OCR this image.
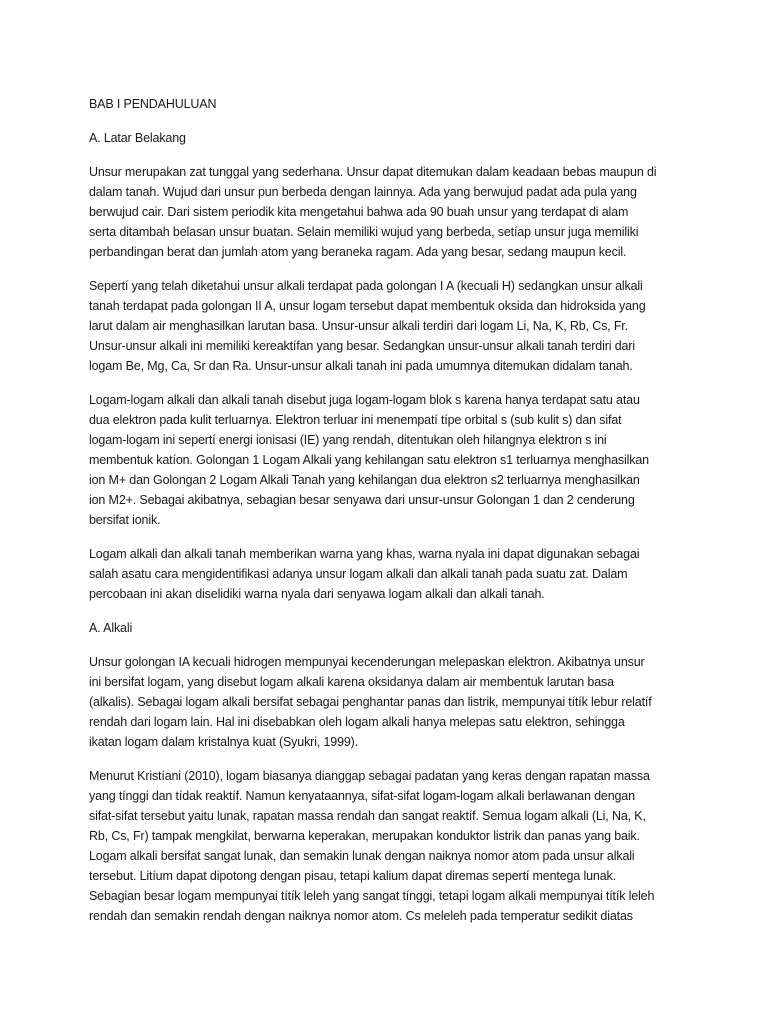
BAB I PENDAHULUAN

A. Latar Belakang

Unsur merupakan zat tunggal yang sederhana. Unsur dapat ditemukan dalam keadaan bebas maupun di
dalam tanah. Wujud dari unsur pun berbeda dengan lainnya. Ada yang berwujud padat ada pula yang
berwujud cair. Dari sistem periodik kita mengetahui bahwa ada 90 buah unsur yang terdapat di alam
serta ditambah belasan unsur buatan. Selain memiliki wujud yang berbeda, setíap unsur juga memiliki
perbandingan berat dan jumlah atom yang beraneka ragam. Ada yang besar, sedang maupun kecil.

Sepertí yang telah diketahui unsur alkali terdapat pada golongan I A (kecuali H) sedangkan unsur alkali
tanah terdapat pada golongan II A, unsur logam tersebut dapat membentuk oksida dan hidroksida yang
larut dalam air menghasilkan larutan basa. Unsur-unsur alkali terdiri dari logam Li, Na, K, Rb, Cs, Fr.
Unsur-unsur alkali ini memiliki kereaktífan yang besar. Sedangkan unsur-unsur alkali tanah terdiri dari
logam Be, Mg, Ca, Sr dan Ra. Unsur-unsur alkali tanah ini pada umumnya ditemukan didalam tanah.

Logam-logam alkali dan alkali tanah disebut juga logam-logam blok s karena hanya terdapat satu atau
dua elektron pada kulit terluarnya. Elektron terluar ini menempatí típe orbital s (sub kulit s) dan sifat
logam-logam ini sepertí energi ionisasi (IE) yang rendah, ditentukan oleh hilangnya elektron s ini
membentuk katíon. Golongan 1 Logam Alkali yang kehilangan satu elektron s1 terluarnya menghasilkan
ion M+ dan Golongan 2 Logam Alkali Tanah yang kehilangan dua elektron s2 terluarnya menghasilkan
ion M2+. Sebagai akibatnya, sebagian besar senyawa dari unsur-unsur Golongan 1 dan 2 cenderung
bersifat ionik.

Logam alkali dan alkali tanah memberikan warna yang khas, warna nyala ini dapat digunakan sebagai
salah asatu cara mengidentifikasi adanya unsur logam alkali dan alkali tanah pada suatu zat. Dalam
percobaan ini akan diselidiki warna nyala dari senyawa logam alkali dan alkali tanah.

A. Alkali

Unsur golongan IA kecuali hidrogen mempunyai kecenderungan melepaskan elektron. Akibatnya unsur
ini bersifat logam, yang disebut logam alkali karena oksidanya dalam air membentuk larutan basa
(alkalis). Sebagai logam alkali bersifat sebagai penghantar panas dan listrik, mempunyai títík lebur relatíf
rendah dari logam lain. Hal ini disebabkan oleh logam alkali hanya melepas satu elektron, sehingga
ikatan logam dalam kristalnya kuat (Syukri, 1999).

Menurut Kristíani (2010), logam biasanya dianggap sebagai padatan yang keras dengan rapatan massa
yang tínggi dan tídak reaktíf. Namun kenyataannya, sifat-sifat logam-logam alkali berlawanan dengan
sifat-sifat tersebut yaitu lunak, rapatan massa rendah dan sangat reaktíf. Semua logam alkali (Li, Na, K,
Rb, Cs, Fr) tampak mengkilat, berwarna keperakan, merupakan konduktor listrik dan panas yang baik.
Logam alkali bersifat sangat lunak, dan semakin lunak dengan naiknya nomor atom pada unsur alkali
tersebut. Litíum dapat dipotong dengan pisau, tetapi kalium dapat diremas sepertí mentega lunak.
Sebagian besar logam mempunyai títík leleh yang sangat tínggi, tetapi logam alkali mempunyai títík leleh
rendah dan semakin rendah dengan naiknya nomor atom. Cs meleleh pada temperatur sedikit diatas
